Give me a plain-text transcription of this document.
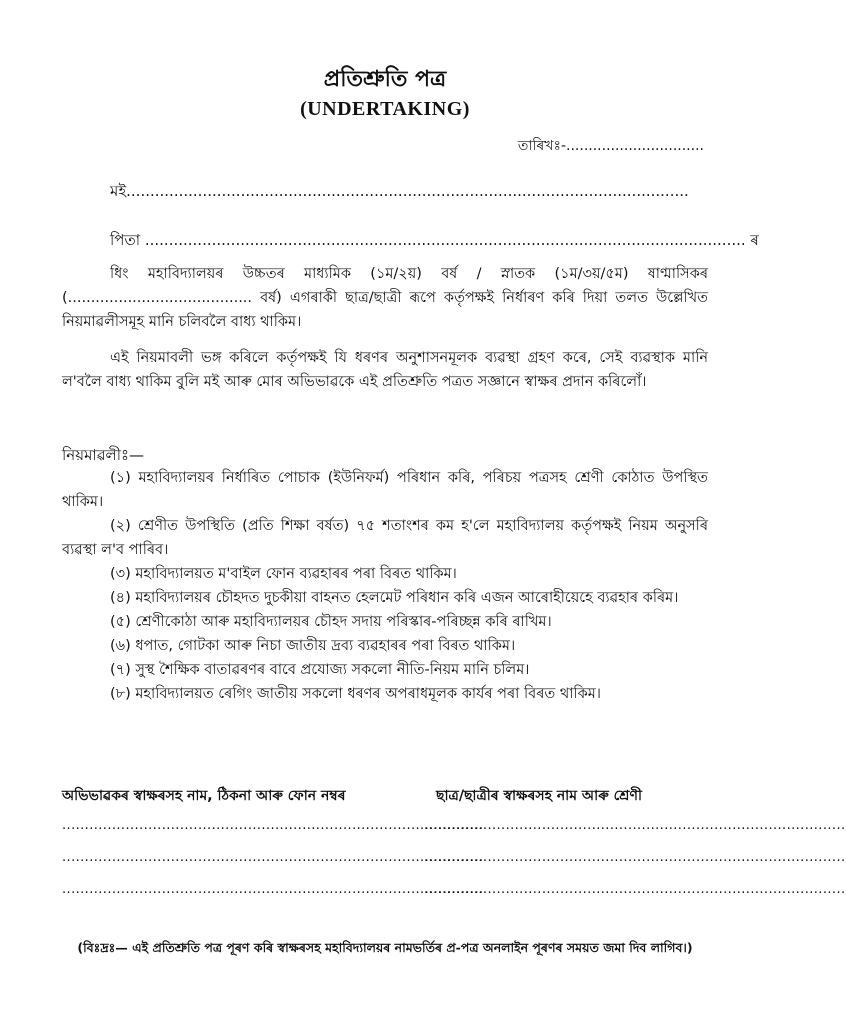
প্ৰতিশ্ৰুতি পত্ৰ
(UNDERTAKING)
তাৰিখঃ-...............................
মই......................................................................................................................
পিতা .............................................................................................................................. ৰ

ধিং মহাবিদ্যালয়ৰ উচ্চতৰ মাধ্যমিক (১ম/২য়) বৰ্ষ / স্নাতক (১ম/৩য়/৫ম) ষাণ্মাসিকৰ (........................................ বৰ্ষ) এগৰাকী ছাত্ৰ/ছাত্ৰী ৰূপে কৰ্তৃপক্ষই নিৰ্ধাৰণ কৰি দিয়া তলত উল্লেখিত নিয়মাৱলীসমূহ মানি চলিবলৈ বাধ্য থাকিম।

এই নিয়মাবলী ভঙ্গ কৰিলে কৰ্তৃপক্ষই যি ধৰণৰ অনুশাসনমূলক ব্যৱস্থা গ্ৰহণ কৰে, সেই ব্যৱস্থাক মানি ল'বলৈ বাধ্য থাকিম বুলি মই আৰু মোৰ অভিভাৱকে এই প্ৰতিশ্ৰুতি পত্ৰত সজ্ঞানে স্বাক্ষৰ প্ৰদান কৰিলোঁ।

নিয়মাৱলীঃ—

(১) মহাবিদ্যালয়ৰ নিৰ্ধাৰিত পোচাক (ইউনিফৰ্ম) পৰিধান কৰি, পৰিচয় পত্ৰসহ শ্ৰেণী কোঠাত উপস্থিত থাকিম।

(২) শ্ৰেণীত উপস্থিতি (প্ৰতি শিক্ষা বৰ্ষত) ৭৫ শতাংশৰ কম হ'লে মহাবিদ্যালয় কৰ্তৃপক্ষই নিয়ম অনুসৰি ব্যৱস্থা ল'ব পাৰিব।

(৩) মহাবিদ্যালয়ত ম'বাইল ফোন ব্যৱহাৰৰ পৰা বিৰত থাকিম।

(৪) মহাবিদ্যালয়ৰ চৌহদত দুচকীয়া বাহনত হেলমেট পৰিধান কৰি এজন আৰোহীয়েহে ব্যৱহাৰ কৰিম।

(৫) শ্ৰেণীকোঠা আৰু মহাবিদ্যালয়ৰ চৌহদ সদায় পৰিস্কাৰ-পৰিচ্ছন্ন কৰি ৰাখিম।

(৬) ধপাত, গোটকা আৰু নিচা জাতীয় দ্ৰব্য ব্যৱহাৰৰ পৰা বিৰত থাকিম।

(৭) সুস্থ শৈক্ষিক বাতাৱৰণৰ বাবে প্ৰযোজ্য সকলো নীতি-নিয়ম মানি চলিম।

(৮) মহাবিদ্যালয়ত ৰেগিং জাতীয় সকলো ধৰণৰ অপৰাধমূলক কাৰ্যৰ পৰা বিৰত থাকিম।

অভিভাৱকৰ স্বাক্ষৰসহ নাম, ঠিকনা আৰু ফোন নম্বৰ	ছাত্ৰ/ছাত্ৰীৰ স্বাক্ষৰসহ নাম আৰু শ্ৰেণী
.............................................................................................
.............................................................................................
.............................................................................................
.............................................................................................
.............................................................................................
.............................................................................................
(বিঃদ্ৰঃ— এই প্ৰতিশ্ৰুতি পত্ৰ পূৰণ কৰি স্বাক্ষৰসহ মহাবিদ্যালয়ৰ নামভৰ্তিৰ প্ৰ-পত্ৰ অনলাইন পূৰণৰ সময়ত জমা দিব লাগিব।)
